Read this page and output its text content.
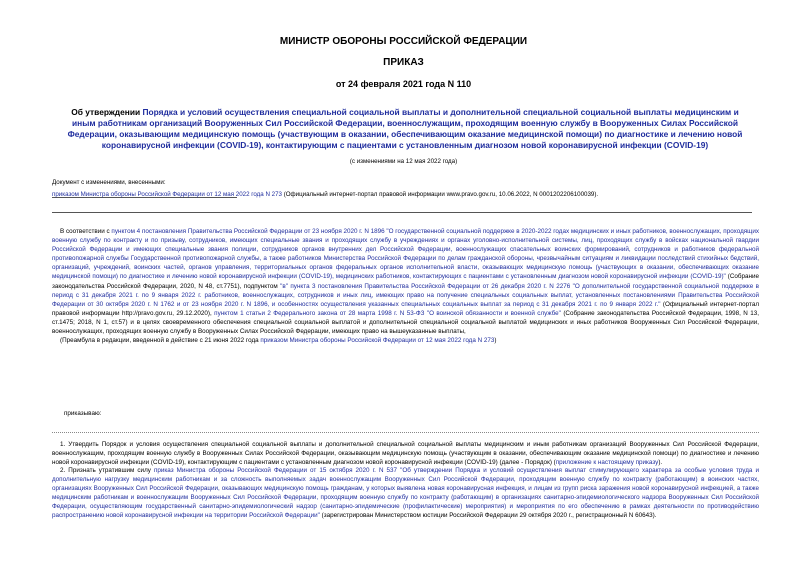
МИНИСТР ОБОРОНЫ РОССИЙСКОЙ ФЕДЕРАЦИИ
ПРИКАЗ
от 24 февраля 2021 года N 110
Об утверждении Порядка и условий осуществления специальной социальной выплаты и дополнительной специальной социальной выплаты медицинским и иным работникам организаций Вооруженных Сил Российской Федерации, военнослужащим, проходящим военную службу в Вооруженных Силах Российской Федерации, оказывающим медицинскую помощь (участвующим в оказании, обеспечивающим оказание медицинской помощи) по диагностике и лечению новой коронавирусной инфекции (COVID-19), контактирующим с пациентами с установленным диагнозом новой коронавирусной инфекции (COVID-19)
(с изменениями на 12 мая 2022 года)
Документ с изменениями, внесенными:
приказом Министра обороны Российской Федерации от 12 мая 2022 года N 273 (Официальный интернет-портал правовой информации www.pravo.gov.ru, 10.06.2022, N 0001202206100039).
В соответствии с пунктом 4 постановления Правительства Российской Федерации от 23 ноября 2020 г. N 1896 "О государственной социальной поддержке в 2020-2022 годах медицинских и иных работников, военнослужащих, проходящих военную службу по контракту и по призыву, сотрудников, имеющих специальные звания и проходящих службу в учреждениях и органах уголовно-исполнительной системы, лиц, проходящих службу в войсках национальной гвардии Российской Федерации и имеющих специальные звания полиции, сотрудников органов внутренних дел Российской Федерации, военнослужащих спасательных воинских формирований, сотрудников и работников федеральной противопожарной службы Государственной противопожарной службы, а также работников Министерства Российской Федерации по делам гражданской обороны, чрезвычайным ситуациям и ликвидации последствий стихийных бедствий, организаций, учреждений, воинских частей, органов управления, территориальных органов федеральных органов исполнительной власти, оказывающих медицинскую помощь (участвующих в оказании, обеспечивающих оказание медицинской помощи) по диагностике и лечению новой коронавирусной инфекции (COVID-19), медицинских работников, контактирующих с пациентами с установленным диагнозом новой коронавирусной инфекции (COVID-19)" (Собрание законодательства Российской Федерации, 2020, N 48, ст.7751), подпунктом "в" пункта 3 постановления Правительства Российской Федерации от 26 декабря 2020 г. N 2276 "О дополнительной государственной социальной поддержке в период с 31 декабря 2021 г. по 9 января 2022 г. работников, военнослужащих, сотрудников и иных лиц, имеющих право на получение специальных социальных выплат, установленных постановлениями Правительства Российской Федерации от 30 октября 2020 г. N 1762 и от 23 ноября 2020 г. N 1896, и особенностях осуществления указанных специальных социальных выплат за период с 31 декабря 2021 г. по 9 января 2022 г." (Официальный интернет-портал правовой информации http://pravo.gov.ru, 29.12.2020), пунктом 1 статьи 2 Федерального закона от 28 марта 1998 г. N 53-ФЗ "О воинской обязанности и военной службе" (Собрание законодательства Российской Федерации, 1998, N 13, ст.1475; 2018, N 1, ст.57) и в целях своевременного обеспечения специальной социальной выплатой и дополнительной специальной социальной выплатой медицинских и иных работников Вооруженных Сил Российской Федерации, военнослужащих, проходящих военную службу в Вооруженных Силах Российской Федерации, имеющих право на вышеуказанные выплаты,
(Преамбула в редакции, введенной в действие с 21 июня 2022 года приказом Министра обороны Российской Федерации от 12 мая 2022 года N 273)
приказываю:
1. Утвердить Порядок и условия осуществления специальной социальной выплаты и дополнительной специальной социальной выплаты медицинским и иным работникам организаций Вооруженных Сил Российской Федерации, военнослужащим, проходящим военную службу в Вооруженных Силах Российской Федерации, оказывающим медицинскую помощь (участвующим в оказании, обеспечивающим оказание медицинской помощи) по диагностике и лечению новой коронавирусной инфекции (COVID-19), контактирующим с пациентами с установленным диагнозом новой коронавирусной инфекции (COVID-19) (далее - Порядок) (приложение к настоящему приказу).
2. Признать утратившим силу приказ Министра обороны Российской Федерации от 15 октября 2020 г. N 537 "Об утверждении Порядка и условий осуществления выплат стимулирующего характера за особые условия труда и дополнительную нагрузку медицинским работникам и за сложность выполняемых задач военнослужащим Вооруженных Сил Российской Федерации, проходящим военную службу по контракту (работающим) в воинских частях, организациях Вооруженных Сил Российской Федерации, оказывающих медицинскую помощь гражданам, у которых выявлена новая коронавирусная инфекция, и лицам из групп риска заражения новой коронавирусной инфекцией, а также медицинским работникам и военнослужащим Вооруженных Сил Российской Федерации, проходящим военную службу по контракту (работающим) в организациях санитарно-эпидемиологического надзора Вооруженных Сил Российской Федерации, осуществляющим государственный санитарно-эпидемиологический надзор (санитарно-эпидемические (профилактические) мероприятия) и мероприятия по его обеспечению в рамках деятельности по противодействию распространению новой коронавирусной инфекции на территории Российской Федерации" (зарегистрирован Министерством юстиции Российской Федерации 29 октября 2020 г., регистрационный N 60643).
